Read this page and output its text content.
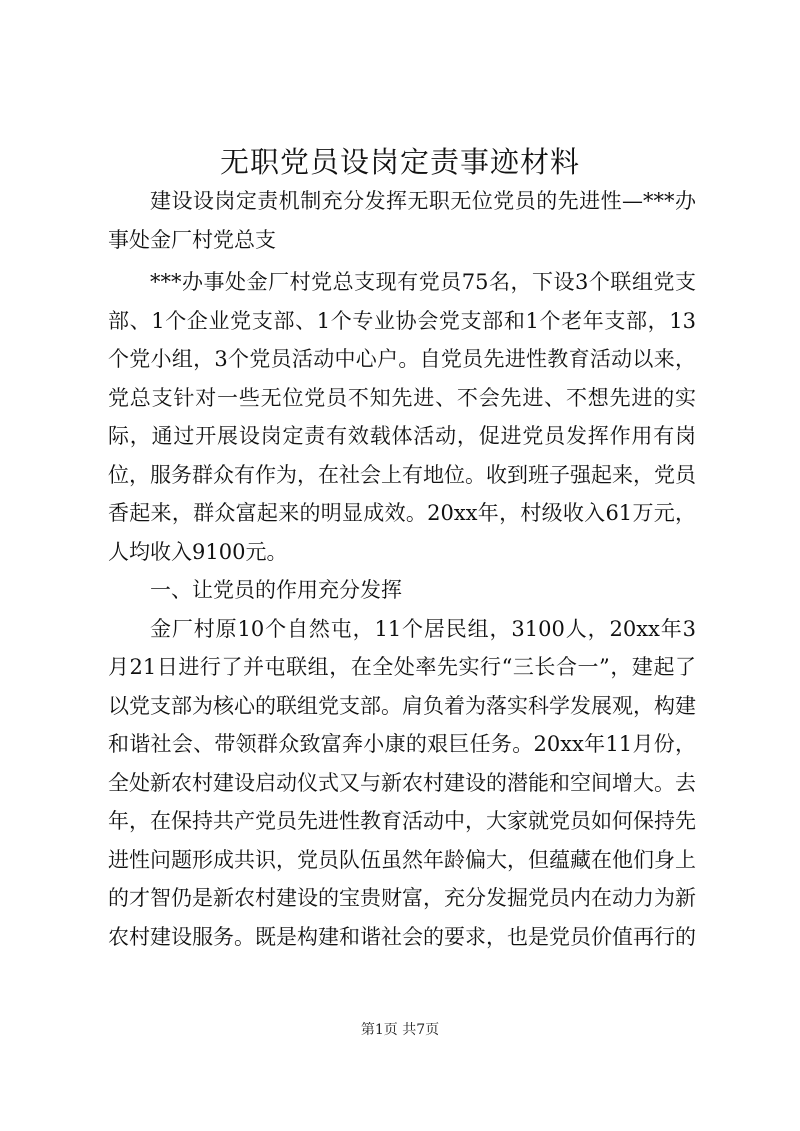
无职党员设岗定责事迹材料

建设设岗定责机制充分发挥无职无位党员的先进性—***办事处金厂村党总支

***办事处金厂村党总支现有党员75名，下设3个联组党支部、1个企业党支部、1个专业协会党支部和1个老年支部，13个党小组，3个党员活动中心户。自党员先进性教育活动以来，党总支针对一些无位党员不知先进、不会先进、不想先进的实际，通过开展设岗定责有效载体活动，促进党员发挥作用有岗位，服务群众有作为，在社会上有地位。收到班子强起来，党员香起来，群众富起来的明显成效。20xx年，村级收入61万元，人均收入9100元。

一、让党员的作用充分发挥

金厂村原10个自然屯，11个居民组，3100人，20xx年3月21日进行了并屯联组，在全处率先实行“三长合一”，建起了以党支部为核心的联组党支部。肩负着为落实科学发展观，构建和谐社会、带领群众致富奔小康的艰巨任务。20xx年11月份，全处新农村建设启动仪式又与新农村建设的潜能和空间增大。去年，在保持共产党员先进性教育活动中，大家就党员如何保持先进性问题形成共识，党员队伍虽然年龄偏大，但蕴藏在他们身上的才智仍是新农村建设的宝贵财富，充分发掘党员内在动力为新农村建设服务。既是构建和谐社会的要求，也是党员价值再行的

第1页 共7页
